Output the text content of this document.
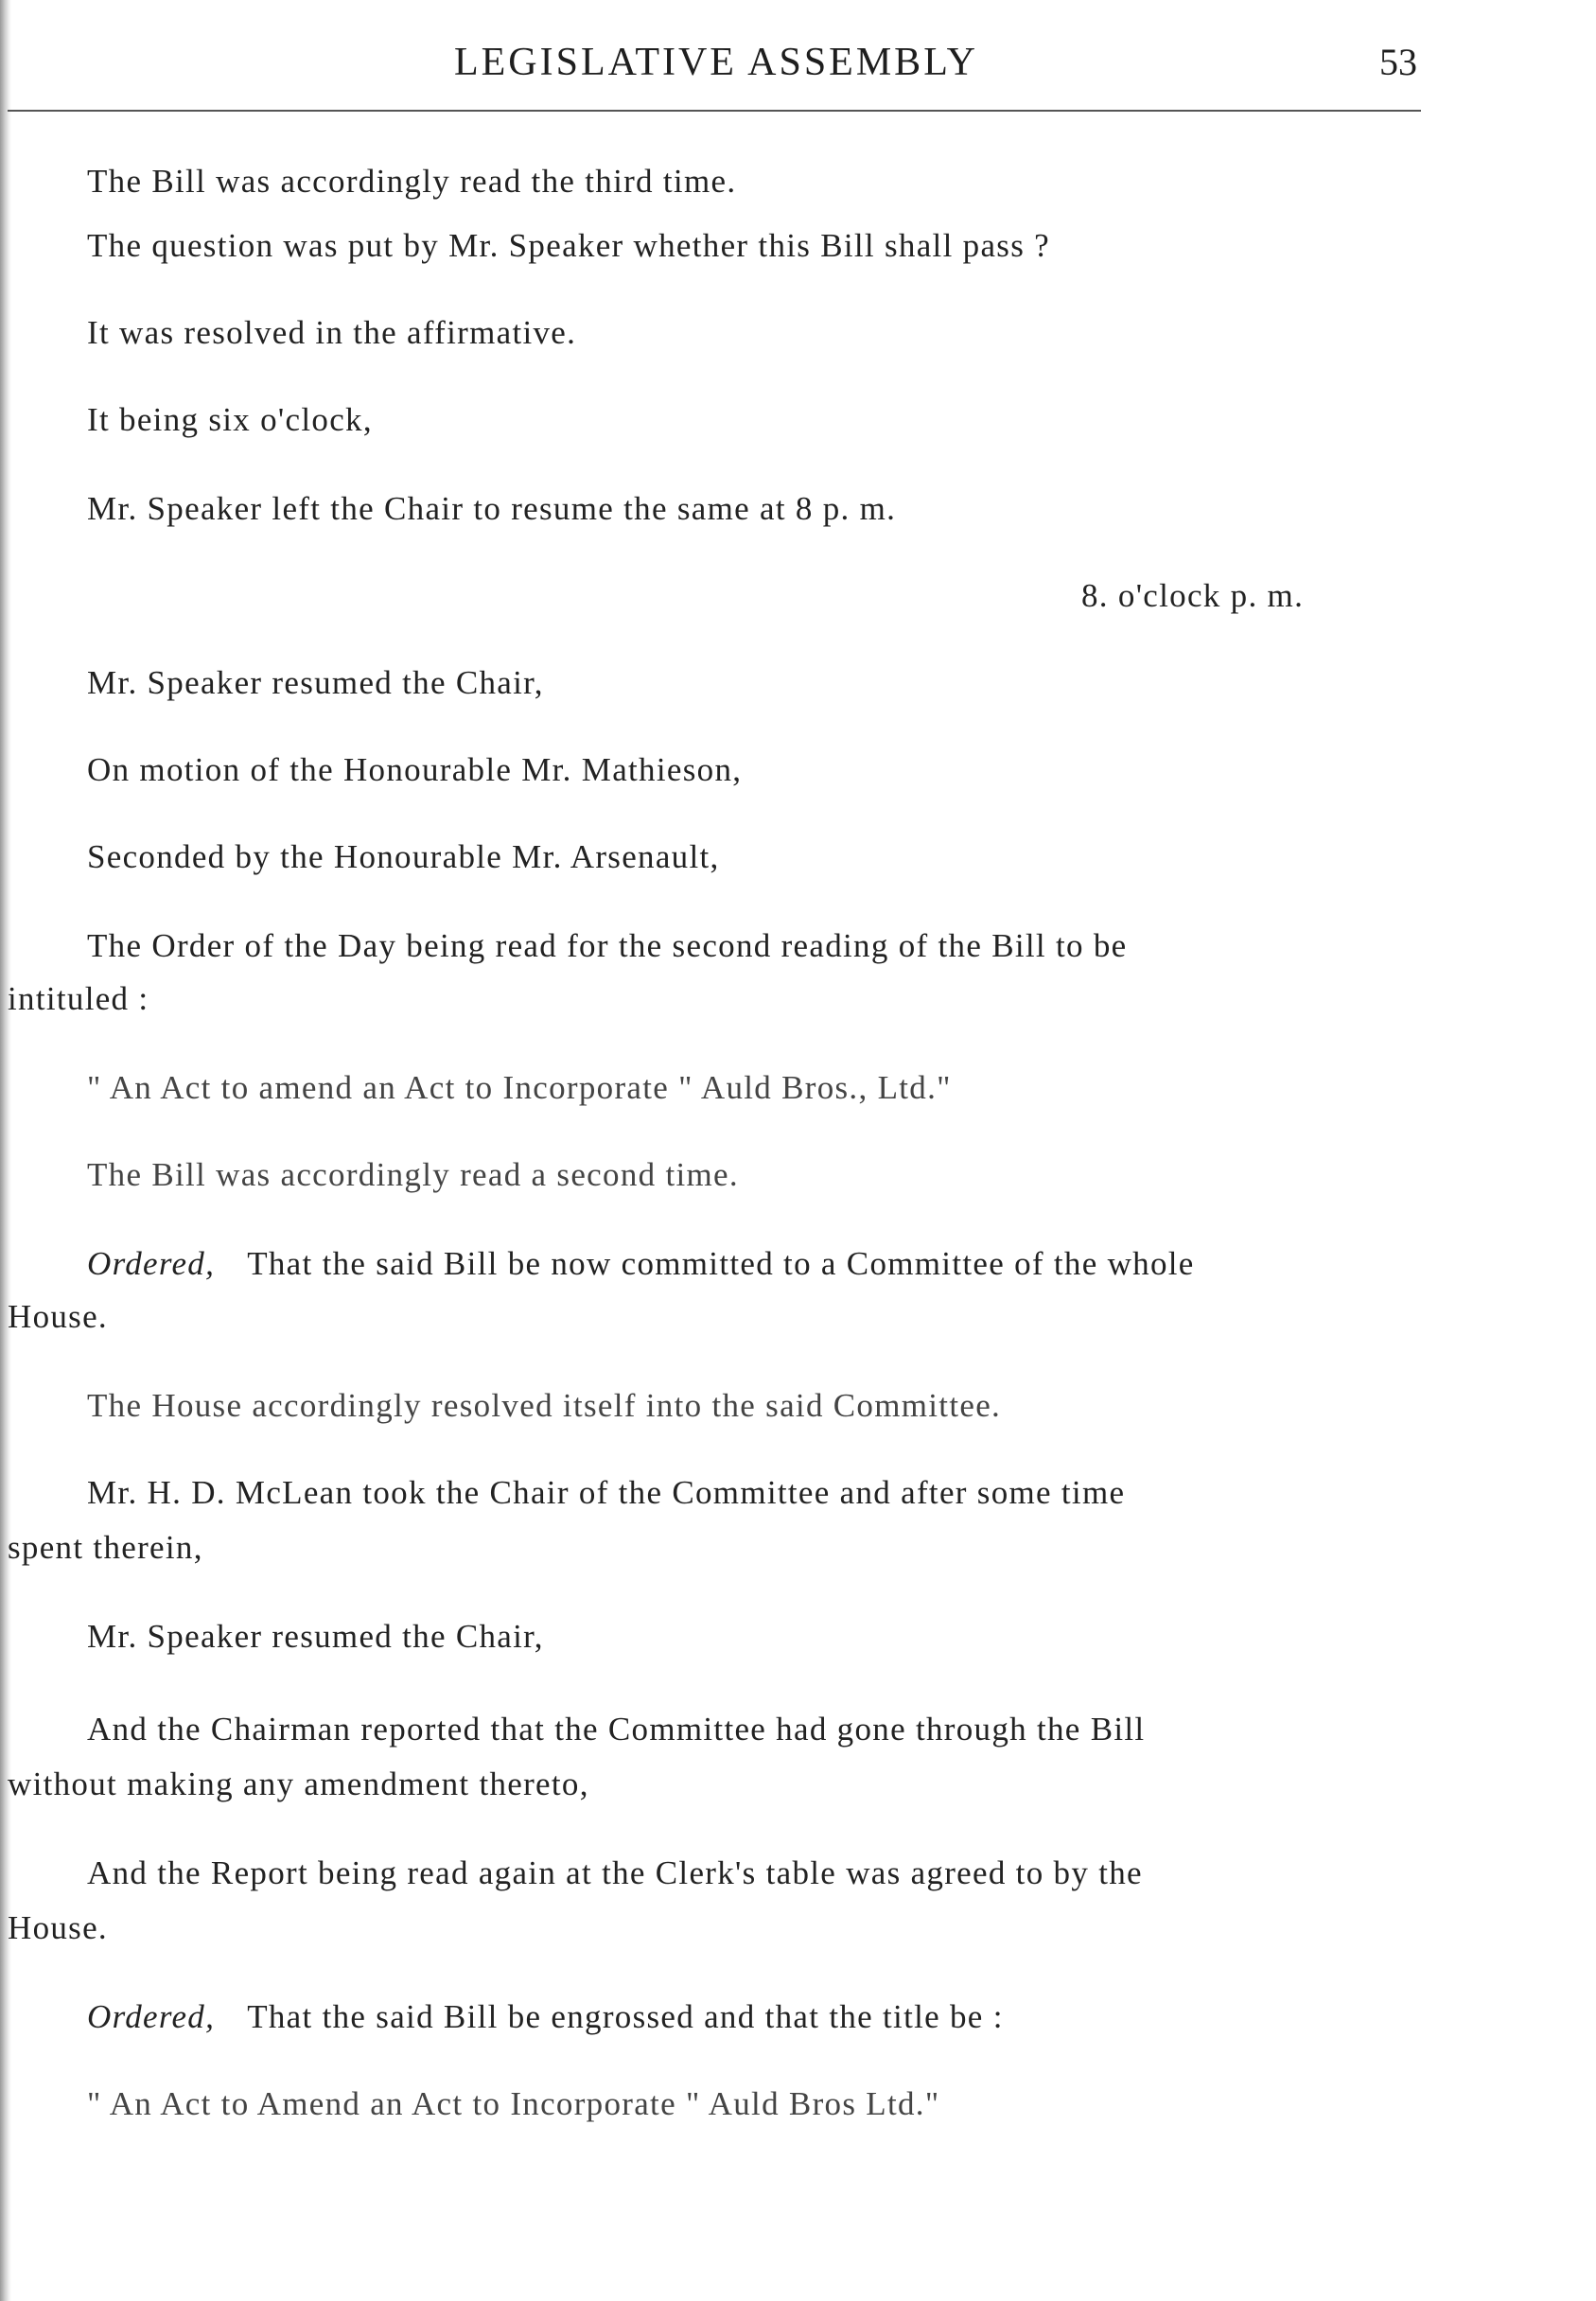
LEGISLATIVE ASSEMBLY	53
The Bill was accordingly read the third time.
The question was put by Mr. Speaker whether this Bill shall pass ?
It was resolved in the affirmative.
It being six o'clock,
Mr. Speaker left the Chair to resume the same at 8 p. m.
8. o'clock p. m.
Mr. Speaker resumed the Chair,
On motion of the Honourable Mr. Mathieson,
Seconded by the Honourable Mr. Arsenault,
The Order of the Day being read for the second reading of the Bill to be
intituled :
" An Act to amend an Act to Incorporate " Auld Bros., Ltd."
The Bill was accordingly read a second time.
Ordered, That the said Bill be now committed to a Committee of the whole
House.
The House accordingly resolved itself into the said Committee.
Mr. H. D. McLean took the Chair of the Committee and after some time
spent therein,
Mr. Speaker resumed the Chair,
And the Chairman reported that the Committee had gone through the Bill
without making any amendment thereto,
And the Report being read again at the Clerk's table was agreed to by the
House.
Ordered, That the said Bill be engrossed and that the title be :
" An Act to Amend an Act to Incorporate " Auld Bros Ltd."
